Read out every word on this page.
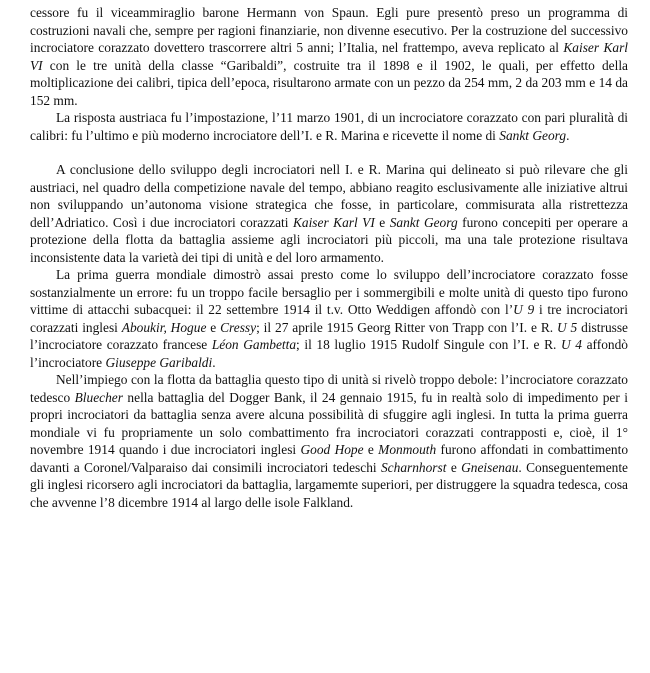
cessore fu il viceammiraglio barone Hermann von Spaun. Egli pure presentò preso un programma di costruzioni navali che, sempre per ragioni finanziarie, non divenne esecutivo. Per la costruzione del successivo incrociatore corazzato dovettero trascorrere altri 5 anni; l’Italia, nel frattempo, aveva replicato al Kaiser Karl VI con le tre unità della classe “Garibaldi”, costruite tra il 1898 e il 1902, le quali, per effetto della moltiplicazione dei calibri, tipica dell’epoca, risultarono armate con un pezzo da 254 mm, 2 da 203 mm e 14 da 152 mm.

La risposta austriaca fu l’impostazione, l’11 marzo 1901, di un incrociatore corazzato con pari pluralità di calibri: fu l’ultimo e più moderno incrociatore dell’I. e R. Marina e ricevette il nome di Sankt Georg.

A conclusione dello sviluppo degli incrociatori nell I. e R. Marina qui delineato si può rilevare che gli austriaci, nel quadro della competizione navale del tempo, abbiano reagito esclusivamente alle iniziative altrui non sviluppando un’autonoma visione strategica che fosse, in particolare, commisurata alla ristrettezza dell’Adriatico. Così i due incrociatori corazzati Kaiser Karl VI e Sankt Georg furono concepiti per operare a protezione della flotta da battaglia assieme agli incrociatori più piccoli, ma una tale protezione risultava inconsistente data la varietà dei tipi di unità e del loro armamento.

La prima guerra mondiale dimostrò assai presto come lo sviluppo dell’incrociatore corazzato fosse sostanzialmente un errore: fu un troppo facile bersaglio per i sommergibili e molte unità di questo tipo furono vittime di attacchi subacquei: il 22 settembre 1914 il t.v. Otto Weddigen affondò con l’U 9 i tre incrociatori corazzati inglesi Aboukir, Hogue e Cressy; il 27 aprile 1915 Georg Ritter von Trapp con l’I. e R. U 5 distrusse l’incrociatore corazzato francese Léon Gambetta; il 18 luglio 1915 Rudolf Singule con l’I. e R. U 4 affondò l’incrociatore Giuseppe Garibaldi.

Nell’impiego con la flotta da battaglia questo tipo di unità si rivelò troppo debole: l’incrociatore corazzato tedesco Bluecher nella battaglia del Dogger Bank, il 24 gennaio 1915, fu in realtà solo di impedimento per i propri incrociatori da battaglia senza avere alcuna possibilità di sfuggire agli inglesi. In tutta la prima guerra mondiale vi fu propriamente un solo combattimento fra incrociatori corazzati contrapposti e, cioè, il 1° novembre 1914 quando i due incrociatori inglesi Good Hope e Monmouth furono affondati in combattimento davanti a Coronel/Valparaiso dai consimili incrociatori tedeschi Scharnhorst e Gneisenau. Conseguentemente gli inglesi ricorsero agli incrociatori da battaglia, largamemte superiori, per distruggere la squadra tedesca, cosa che avvenne l’8 dicembre 1914 al largo delle isole Falkland.
